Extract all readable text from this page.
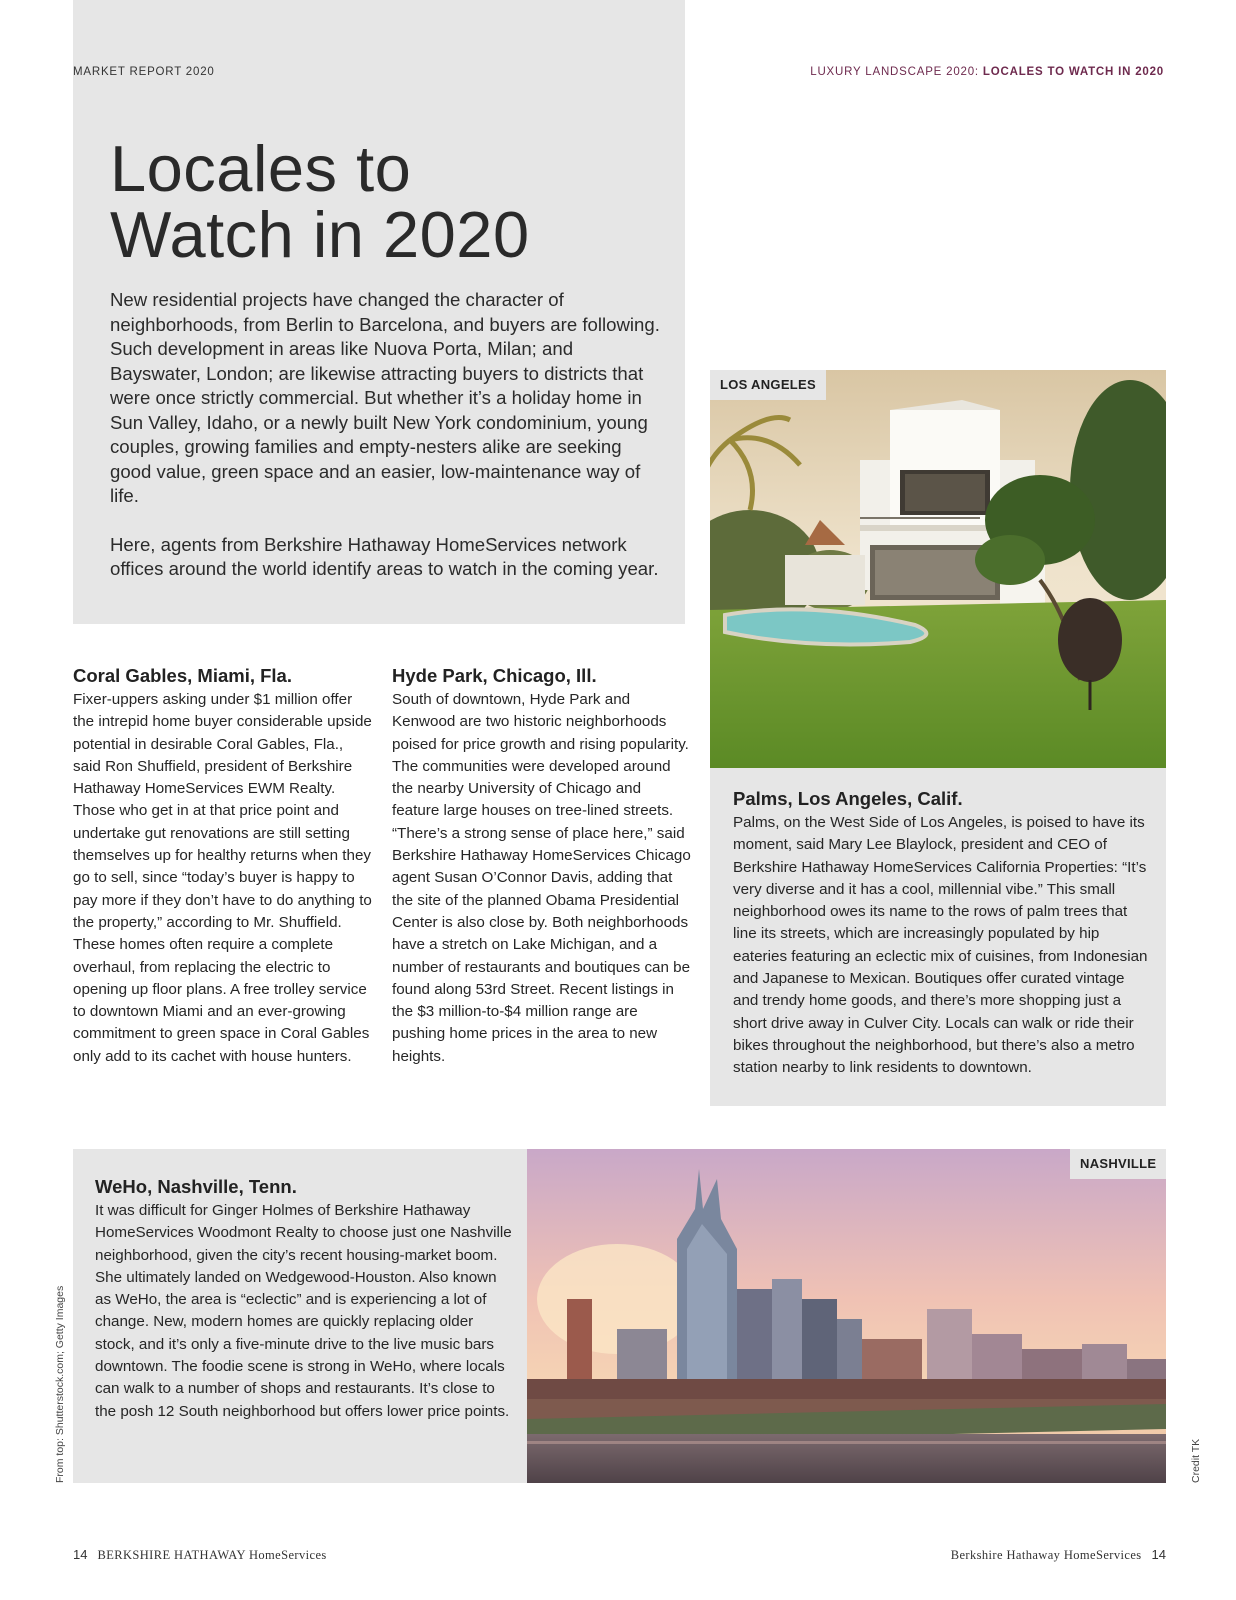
MARKET REPORT 2020	LUXURY LANDSCAPE 2020: LOCALES TO WATCH IN 2020
Locales to
Watch in 2020

New residential projects have changed the character of neighborhoods, from Berlin to Barcelona, and buyers are following. Such development in areas like Nuova Porta, Milan; and Bayswater, London; are likewise attracting buyers to districts that were once strictly commercial. But whether it’s a holiday home in Sun Valley, Idaho, or a newly built New York condominium, young couples, growing families and empty-nesters alike are seeking good value, green space and an easier, low-maintenance way of life.

Here, agents from Berkshire Hathaway HomeServices network offices around the world identify areas to watch in the coming year.

Coral Gables, Miami, Fla.

Fixer-uppers asking under $1 million offer the intrepid home buyer considerable upside potential in desirable Coral Gables, Fla., said Ron Shuffield, president of Berkshire Hathaway HomeServices EWM Realty. Those who get in at that price point and undertake gut renovations are still setting themselves up for healthy returns when they go to sell, since “today’s buyer is happy to pay more if they don’t have to do anything to the property,” according to Mr. Shuffield. These homes often require a complete overhaul, from replacing the electric to opening up floor plans. A free trolley service to downtown Miami and an ever-growing commitment to green space in Coral Gables only add to its cachet with house hunters.

Hyde Park, Chicago, Ill.

South of downtown, Hyde Park and Kenwood are two historic neighborhoods poised for price growth and rising popularity. The communities were developed around the nearby University of Chicago and feature large houses on tree-lined streets. “There’s a strong sense of place here,” said Berkshire Hathaway HomeServices Chicago agent Susan O’Connor Davis, adding that the site of the planned Obama Presidential Center is also close by. Both neighborhoods have a stretch on Lake Michigan, and a number of restaurants and boutiques can be found along 53rd Street. Recent listings in the $3 million-to-$4 million range are pushing home prices in the area to new heights.

LOS ANGELES
Palms, Los Angeles, Calif.

Palms, on the West Side of Los Angeles, is poised to have its moment, said Mary Lee Blaylock, president and CEO of Berkshire Hathaway HomeServices California Properties: “It’s very diverse and it has a cool, millennial vibe.” This small neighborhood owes its name to the rows of palm trees that line its streets, which are increasingly populated by hip eateries featuring an eclectic mix of cuisines, from Indonesian and Japanese to Mexican. Boutiques offer curated vintage and trendy home goods, and there’s more shopping just a short drive away in Culver City. Locals can walk or ride their bikes throughout the neighborhood, but there’s also a metro station nearby to link residents to downtown.

WeHo, Nashville, Tenn.

It was difficult for Ginger Holmes of Berkshire Hathaway HomeServices Woodmont Realty to choose just one Nashville neighborhood, given the city’s recent housing-market boom. She ultimately landed on Wedgewood-Houston. Also known as WeHo, the area is “eclectic” and is experiencing a lot of change. New, modern homes are quickly replacing older stock, and it’s only a five-minute drive to the live music bars downtown. The foodie scene is strong in WeHo, where locals can walk to a number of shops and restaurants. It’s close to the posh 12 South neighborhood but offers lower price points.

NASHVILLE
From top: Shutterstock.com; Getty Images	Credit TK
14 BERKSHIRE HATHAWAY HomeServices	Berkshire Hathaway HomeServices 14
